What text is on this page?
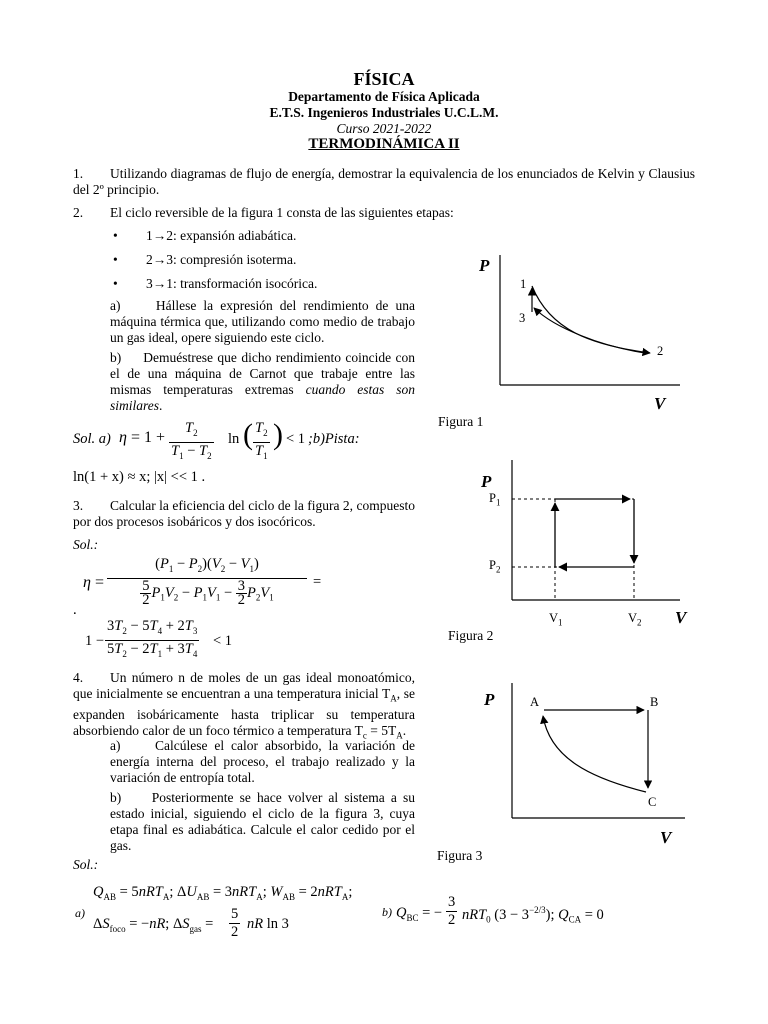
FÍSICA
Departamento de Física Aplicada
E.T.S. Ingenieros Industriales U.C.L.M.
Curso 2021-2022
TERMODINÁMICA II
1.	Utilizando diagramas de flujo de energía, demostrar la equivalencia de los enunciados de Kelvin y Clausius del 2º principio.
2. El ciclo reversible de la figura 1 consta de las siguientes etapas:
• 1→2: expansión adiabática.
• 2→3: compresión isoterma.
• 3→1: transformación isocórica.
a)     Hállese la expresión del rendimiento de una máquina térmica que, utilizando como medio de trabajo un gas ideal, opere siguiendo este ciclo.
b)     Demuéstrese que dicho rendimiento coincide con el de una máquina de Carnot que trabaje entre las mismas temperaturas extremas cuando estas son similares.
Sol. a) $\eta = 1 + \frac{T_2}{T_1 - T_2}$ ln ( $\frac{T_2}{T_1}$ ) < 1 ;b)Pista:
ln(1 + x) ≈ x; |x| << 1 .
3.	Calcular la eficiencia del ciclo de la figura 2, compuesto por dos procesos isobáricos y dos isocóricos.
Sol.:
$\eta = \frac{(P_1 - P_2)(V_2 - V_1)}{\frac{5}{2} P_1V_2 - P_1V_1 - \frac{3}{2} P_2V_1}$ =
.
$1 - \frac{3T_2 - 5T_4 + 2T_3}{5T_2 - 2T_1 + 3T_4} < 1$
4.	Un número n de moles de un gas ideal monoatómico, que inicialmente se encuentran a una temperatura inicial $T_A$, se expanden isobáricamente hasta triplicar su temperatura absorbiendo calor de un foco térmico a temperatura $T_c = 5T_A$.
a)     Calcúlese el calor absorbido, la variación de energía interna del proceso, el trabajo realizado y la variación de entropía total.
b)     Posteriormente se hace volver al sistema a su estado inicial, siguiendo el ciclo de la figura 3, cuya etapa final es adiabática. Calcule el calor cedido por el gas.
Sol.:
a)
$Q_{AB} = 5nRT_A$; $\Delta U_{AB} = 3nRT_A$; $W_{AB} = 2nRT_A$;
$\Delta S_{foco} = -nR$; $\Delta S_{gas} = \frac{5}{2}$ nR ln 3
b) $Q_{BC}$ = − $\frac{3}{2} nRT_0$ $(3 - 3^{-2/3})$; $Q_{CA} = 0$
P
V
1
2
3
Figura 1
P
V
$P_1$
$P_2$
$V_1$	$V_2$
Figura 2
P
V
A	B
C
Figura 3
